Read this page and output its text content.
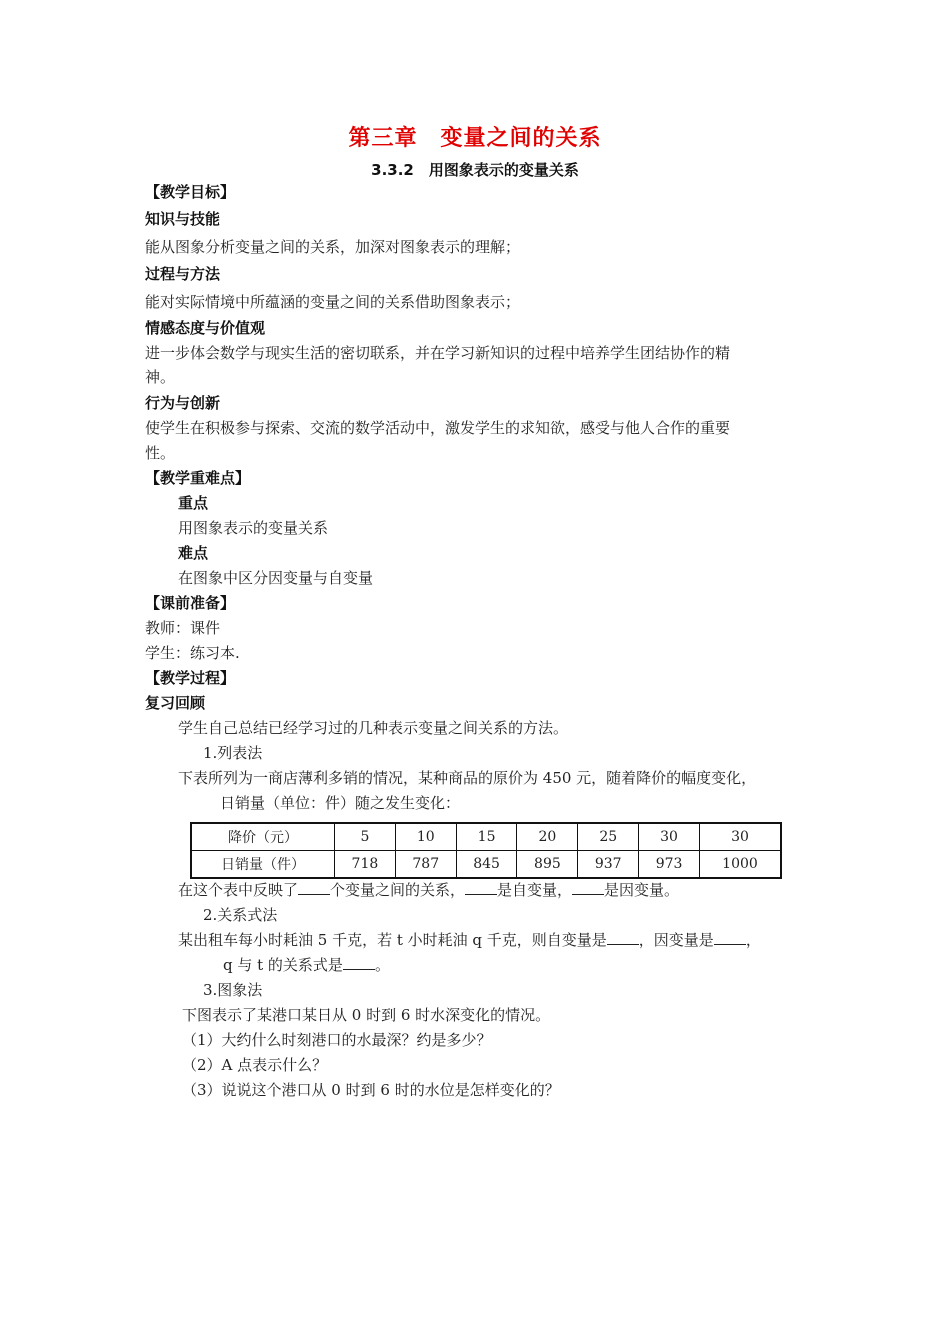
第三章　变量之间的关系
3.3.2　用图象表示的变量关系
【教学目标】
知识与技能
能从图象分析变量之间的关系，加深对图象表示的理解；
过程与方法
能对实际情境中所蕴涵的变量之间的关系借助图象表示；
情感态度与价值观
进一步体会数学与现实生活的密切联系，并在学习新知识的过程中培养学生团结协作的精
神。
行为与创新
使学生在积极参与探索、交流的数学活动中，激发学生的求知欲，感受与他人合作的重要
性。
【教学重难点】
重点
用图象表示的变量关系
难点
在图象中区分因变量与自变量
【课前准备】
教师：课件
学生：练习本.
【教学过程】
复习回顾
学生自己总结已经学习过的几种表示变量之间关系的方法。
1.列表法
下表所列为一商店薄利多销的情况，某种商品的原价为 450 元，随着降价的幅度变化，
日销量（单位：件）随之发生变化：
降价（元）	5	10	15	20	25	30	30
日销量（件）	718	787	845	895	937	973	1000
在这个表中反映了 个变量之间的关系， 是自变量， 是因变量。
2.关系式法
某出租车每小时耗油 5 千克，若 t 小时耗油 q 千克，则自变量是 ，因变量是 ，
q 与 t 的关系式是 。
3.图象法
下图表示了某港口某日从 0 时到 6 时水深变化的情况。
（1）大约什么时刻港口的水最深？约是多少？
（2）A 点表示什么？
（3）说说这个港口从 0 时到 6 时的水位是怎样变化的？
